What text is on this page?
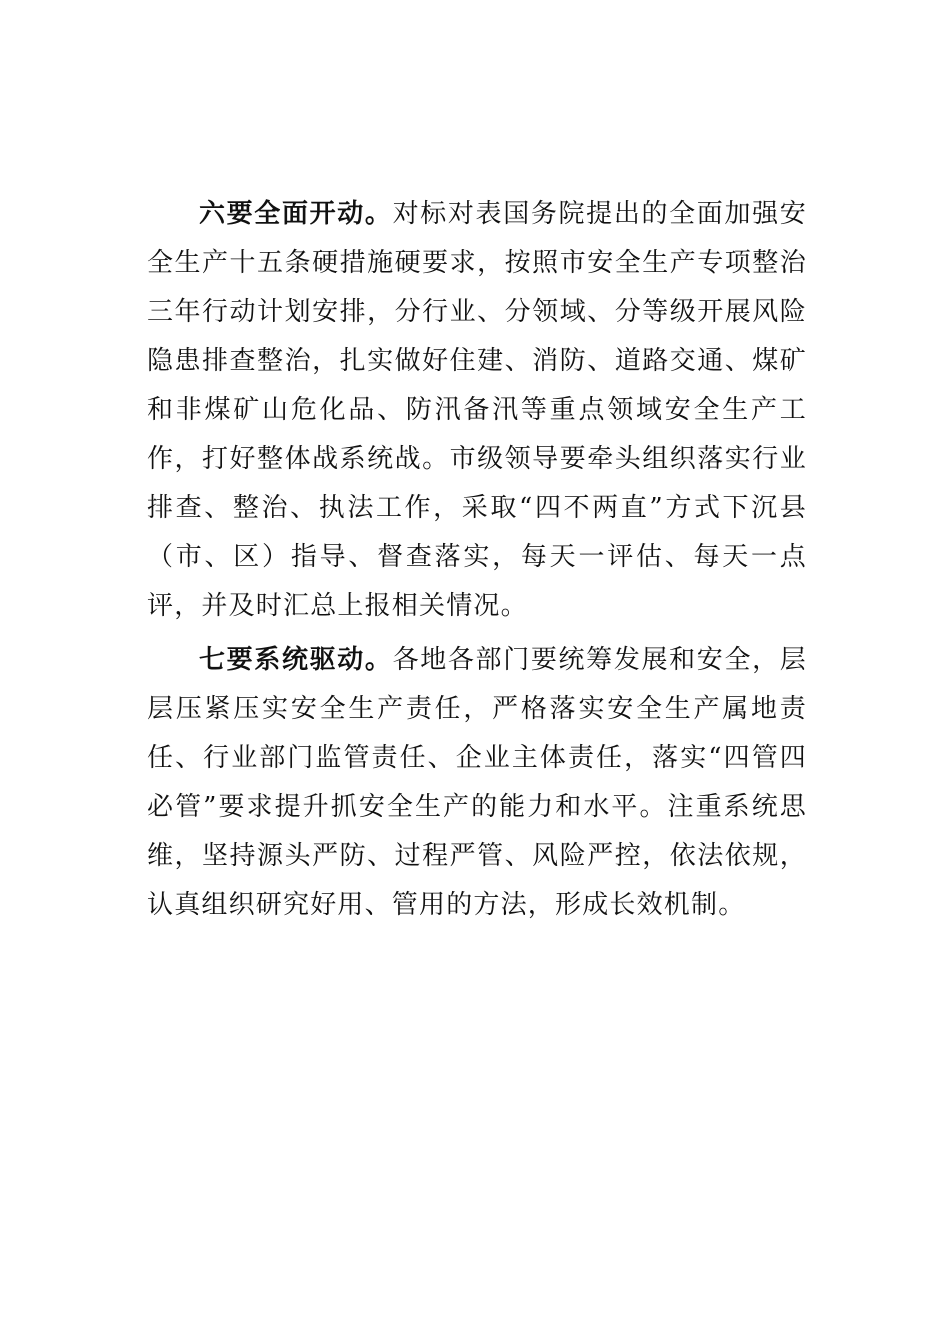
六要全面开动。对标对表国务院提出的全面加强安全生产十五条硬措施硬要求，按照市安全生产专项整治三年行动计划安排，分行业、分领域、分等级开展风险隐患排查整治，扎实做好住建、消防、道路交通、煤矿和非煤矿山危化品、防汛备汛等重点领域安全生产工作，打好整体战系统战。市级领导要牵头组织落实行业排查、整治、执法工作，采取“四不两直”方式下沉县（市、区）指导、督查落实，每天一评估、每天一点评，并及时汇总上报相关情况。

七要系统驱动。各地各部门要统筹发展和安全，层层压紧压实安全生产责任，严格落实安全生产属地责任、行业部门监管责任、企业主体责任，落实“四管四必管”要求提升抓安全生产的能力和水平。注重系统思维，坚持源头严防、过程严管、风险严控，依法依规，认真组织研究好用、管用的方法，形成长效机制。
